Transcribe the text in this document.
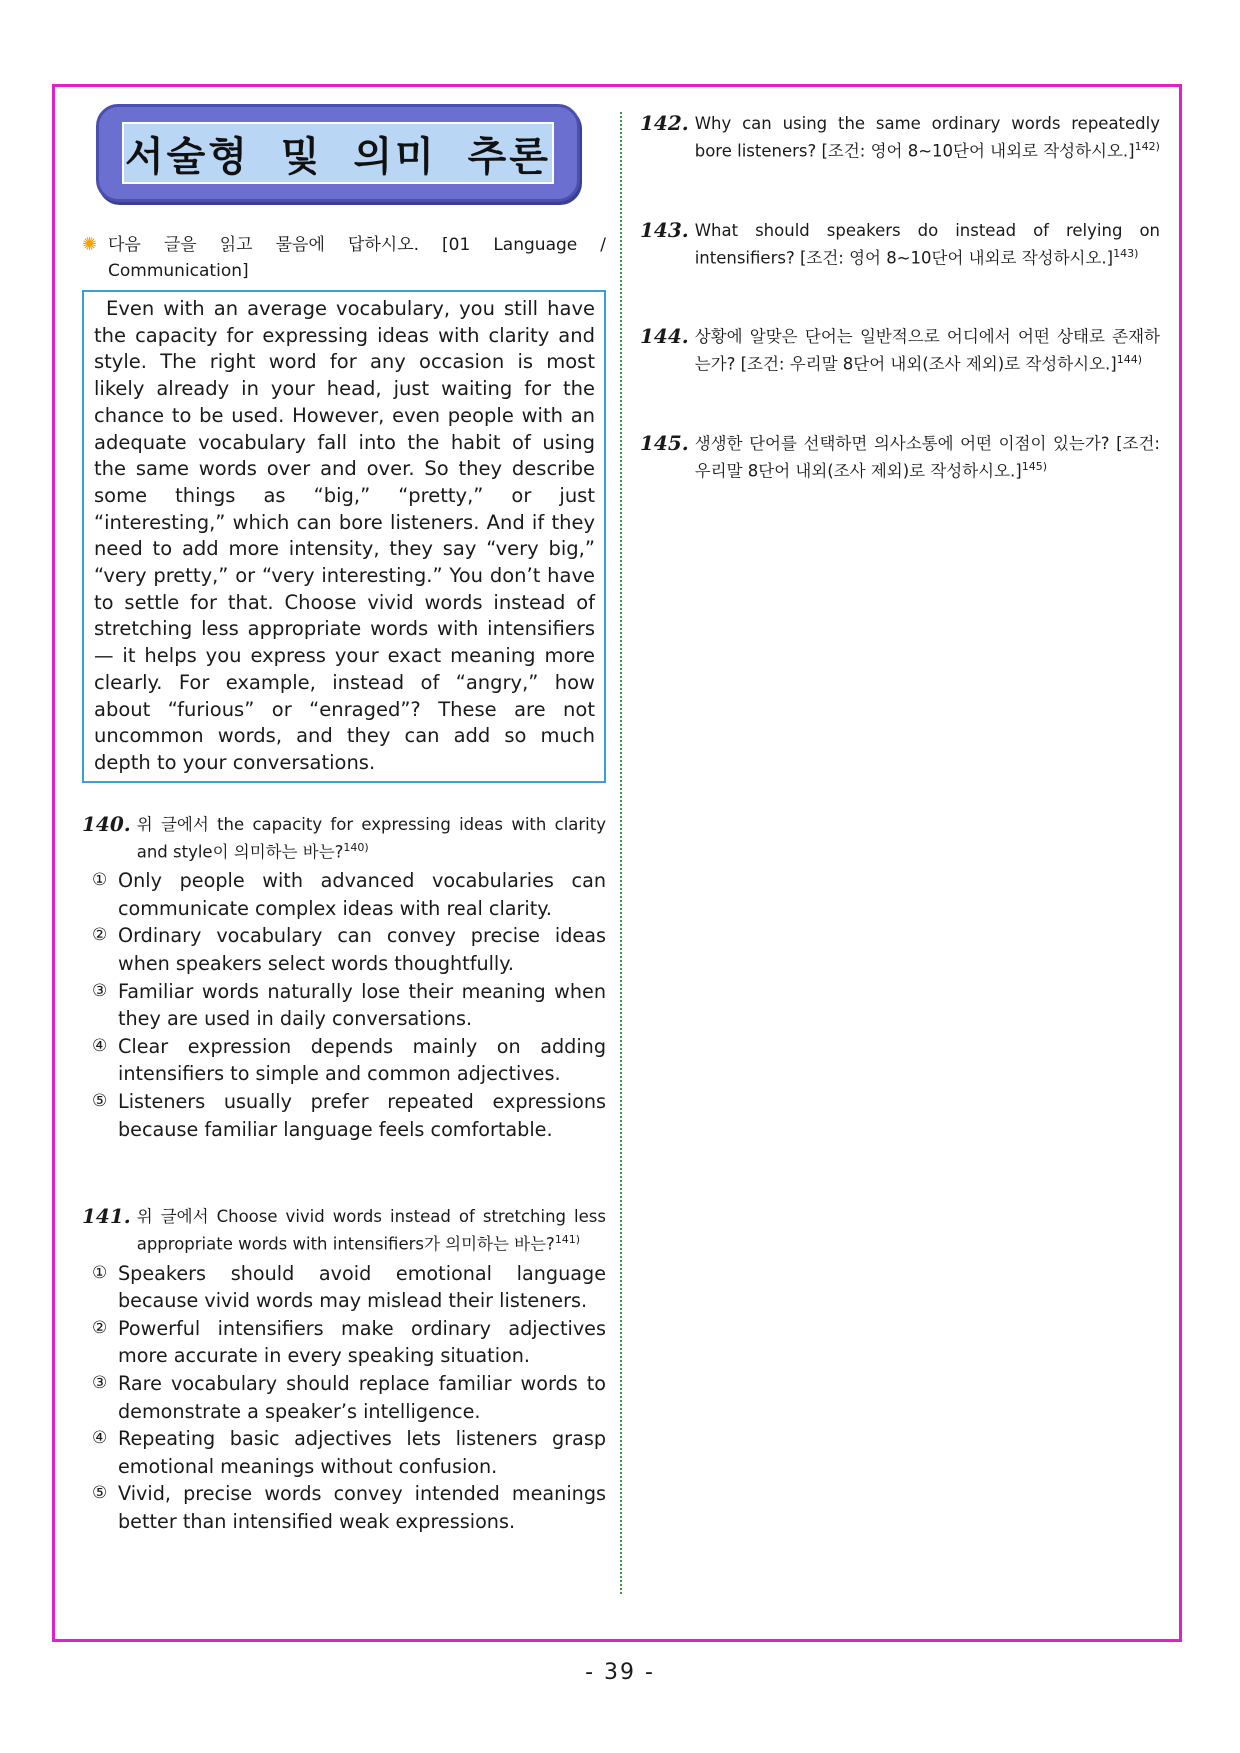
서술형 및 의미 추론
✺ 다음 글을 읽고 물음에 답하시오. [01 Language / Communication]
Even with an average vocabulary, you still have the capacity for expressing ideas with clarity and style. The right word for any occasion is most likely already in your head, just waiting for the chance to be used. However, even people with an adequate vocabulary fall into the habit of using the same words over and over. So they describe some things as “big,” “pretty,” or just “interesting,” which can bore listeners. And if they need to add more intensity, they say “very big,” “very pretty,” or “very interesting.” You don’t have to settle for that. Choose vivid words instead of stretching less appropriate words with intensifiers — it helps you express your exact meaning more clearly. For example, instead of “angry,” how about “furious” or “enraged”? These are not uncommon words, and they can add so much depth to your conversations.
140. 위 글에서 the capacity for expressing ideas with clarity and style이 의미하는 바는?$^{140)}$
① Only people with advanced vocabularies can communicate complex ideas with real clarity.
② Ordinary vocabulary can convey precise ideas when speakers select words thoughtfully.
③ Familiar words naturally lose their meaning when they are used in daily conversations.
④ Clear expression depends mainly on adding intensifiers to simple and common adjectives.
⑤ Listeners usually prefer repeated expressions because familiar language feels comfortable.
141. 위 글에서 Choose vivid words instead of stretching less appropriate words with intensifiers가 의미하는 바는?$^{141)}$
① Speakers should avoid emotional language because vivid words may mislead their listeners.
② Powerful intensifiers make ordinary adjectives more accurate in every speaking situation.
③ Rare vocabulary should replace familiar words to demonstrate a speaker’s intelligence.
④ Repeating basic adjectives lets listeners grasp emotional meanings without confusion.
⑤ Vivid, precise words convey intended meanings better than intensified weak expressions.
142. Why can using the same ordinary words repeatedly bore listeners? [조건: 영어 8~10단어 내외로 작성하시오.]$^{142)}$
143. What should speakers do instead of relying on intensifiers? [조건: 영어 8~10단어 내외로 작성하시오.]$^{143)}$
144. 상황에 알맞은 단어는 일반적으로 어디에서 어떤 상태로 존재하는가? [조건: 우리말 8단어 내외(조사 제외)로 작성하시오.]$^{144)}$
145. 생생한 단어를 선택하면 의사소통에 어떤 이점이 있는가? [조건: 우리말 8단어 내외(조사 제외)로 작성하시오.]$^{145)}$
- 39 -
